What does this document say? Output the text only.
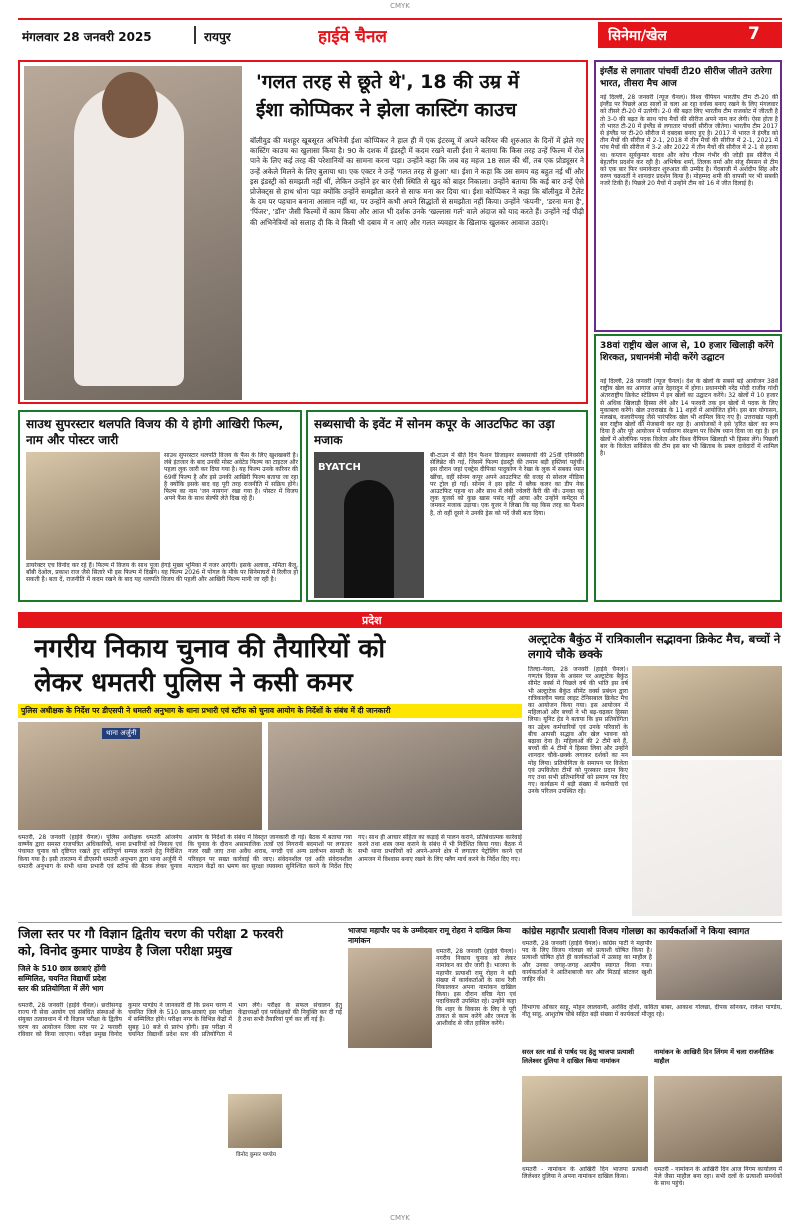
CMYK
मंगलवार 28 जनवरी 2025	रायपुर	हाईवे चैनल	सिनेमा/खेल	7
'गलत तरह से छूते थे', 18 की उम्र में
ईशा कोप्पिकर ने झेला कास्टिंग काउच
बॉलीवुड की मशहूर खूबसूरत अभिनेत्री ईशा कोप्पिकर ने हाल ही में एक इंटरव्यू में अपने करियर की शुरुआत के दिनों में झेले गए कास्टिंग काउच का खुलासा किया है। 90 के दशक में इंडस्ट्री में कदम रखने वाली ईशा ने बताया कि किस तरह उन्हें फिल्म में रोल पाने के लिए कई तरह की परेशानियों का सामना करना पड़ा। उन्होंने कहा कि जब वह महज 18 साल की थीं, तब एक प्रोड्यूसर ने उन्हें अकेले मिलने के लिए बुलाया था। एक एक्टर ने उन्हें 'गलत तरह से छुआ' था। ईशा ने कहा कि उस समय वह बहुत नई थीं और इस इंडस्ट्री को समझती नहीं थीं, लेकिन उन्होंने हर बार ऐसी स्थिति से खुद को बाहर निकाला। उन्होंने बताया कि कई बार उन्हें ऐसे प्रोजेक्ट्स से हाथ धोना पड़ा क्योंकि उन्होंने समझौता करने से साफ मना कर दिया था। ईशा कोप्पिकर ने कहा कि बॉलीवुड में टैलेंट के दम पर पहचान बनाना आसान नहीं था, पर उन्होंने कभी अपने सिद्धांतों से समझौता नहीं किया। उन्होंने 'कंपनी', 'डरना मना है', 'पिंजर', 'डॉन' जैसी फिल्मों में काम किया और आज भी दर्शक उनके 'खल्लास गर्ल' वाले अंदाज को याद करते हैं। उन्होंने नई पीढ़ी की अभिनेत्रियों को सलाह दी कि वे किसी भी दबाव में न आएं और गलत व्यवहार के खिलाफ खुलकर आवाज उठाएं।
इंग्लैंड से लगातार पांचवीं टी20 सीरीज जीतने उतरेगा भारत, तीसरा मैच आज
नई दिल्ली, 28 जनवरी (न्यूज चैनल)। विश्व चैंपियन भारतीय टीम टी-20 की इंग्लैंड पर पिछले आठ सालों से चला आ रहा वर्चस्व बनाए रखने के लिए मंगलवार को तीसरे टी-20 में उतरेगी। 2-0 की बढ़त लिए भारतीय टीम राजकोट में जीतती है तो 3-0 की बढ़त के साथ पांच मैचों की सीरीज अपने नाम कर लेगी। ऐसा होता है तो भारत टी-20 में इंग्लैंड से लगातार पांचवीं सीरीज जीतेगा। भारतीय टीम 2017 से इंग्लैंड पर टी-20 सीरीज में दबदबा बनाए हुए है। 2017 में भारत ने इंग्लैंड को तीन मैचों की सीरीज में 2-1, 2018 में तीन मैचों की सीरीज में 2-1, 2021 में पांच मैचों की सीरीज में 3-2 और 2022 में तीन मैचों की सीरीज में 2-1 से हराया था। कप्तान सूर्यकुमार यादव और कोच गौतम गंभीर की जोड़ी इस सीरीज में बेहतरीन प्रदर्शन कर रही है। अभिषेक शर्मा, तिलक वर्मा और संजू सैमसन से टीम को एक बार फिर धमाकेदार शुरुआत की उम्मीद है। गेंदबाजी में अर्शदीप सिंह और वरुण चक्रवर्ती ने शानदार प्रदर्शन किया है। मोहम्मद शमी की वापसी पर भी सबकी नजरें टिकी हैं। पिछले 20 मैचों में उन्होंने टीम को 16 में जीत दिलाई है।
38वां राष्ट्रीय खेल आज से, 10 हजार खिलाड़ी करेंगे शिरकत, प्रधानमंत्री मोदी करेंगे उद्घाटन
नई दिल्ली, 28 जनवरी (न्यूज चैनल)। देश के खेलों के सबसे बड़े आयोजन 38वें राष्ट्रीय खेल का आगाज आज देहरादून में होगा। प्रधानमंत्री नरेंद्र मोदी राजीव गांधी अंतरराष्ट्रीय क्रिकेट स्टेडियम में इन खेलों का उद्घाटन करेंगे। 32 खेलों में 10 हजार से अधिक खिलाड़ी हिस्सा लेंगे और 14 फरवरी तक इन खेलों में पदक के लिए मुकाबला करेंगे। खेल उत्तराखंड के 11 शहरों में आयोजित होंगे। इस बार योगासन, मलखंब, कलारीपयट्टू जैसे पारंपरिक खेल भी शामिल किए गए हैं। उत्तराखंड पहली बार राष्ट्रीय खेलों की मेजबानी कर रहा है। आयोजकों ने इसे 'हरित खेल' का रूप दिया है और पूरे आयोजन में पर्यावरण संरक्षण पर विशेष ध्यान दिया जा रहा है। इन खेलों में ओलंपिक पदक विजेता और विश्व चैंपियन खिलाड़ी भी हिस्सा लेंगे। पिछली बार के विजेता सर्विसेज की टीम इस बार भी खिताब के प्रबल दावेदारों में शामिल है।
साउथ सुपरस्टार थलपति विजय की ये होगी आखिरी फिल्म, नाम और पोस्टर जारी
साउथ सुपरस्टार थलपति विजय के फैंस के लिए खुशखबरी है। लंबे इंतजार के बाद उनकी मोस्ट अवेटेड फिल्म का टाइटल और पहला लुक जारी कर दिया गया है। यह फिल्म उनके करियर की 69वीं फिल्म है और इसे उनकी आखिरी फिल्म बताया जा रहा है क्योंकि इसके बाद वह पूरी तरह राजनीति में सक्रिय होंगे। फिल्म का नाम 'जन नायगन' रखा गया है। पोस्टर में विजय अपने फैंस के साथ सेल्फी लेते दिख रहे हैं।
डायरेक्टर एच विनोद कर रहे हैं। फिल्म में विजय के साथ पूजा हेगड़े मुख्य भूमिका में नजर आएंगी। इसके अलावा, ममिता बैजू, बॉबी देओल, प्रकाश राज जैसे सितारे भी इस फिल्म में दिखेंगे। यह फिल्म 2026 में पोंगल के मौके पर सिनेमाघरों में रिलीज हो सकती है। बता दें, राजनीति में कदम रखने के बाद यह थलपति विजय की पहली और आखिरी फिल्म मानी जा रही है।
सब्यसाची के इवेंट में सोनम कपूर के आउटफिट का उड़ा मजाक
BYATCH
बी-टाउन में बीते दिन फैशन डिजाइनर सब्यसाची की 25वीं एनिवर्सरी सेलिब्रेट की गई, जिसमें फिल्म इंडस्ट्री की तमाम बड़ी हस्तियां पहुंचीं। इस दौरान जहां एक्ट्रेस दीपिका पादुकोण ने रेखा के लुक में सबका ध्यान खींचा, वहीं सोनम कपूर अपने आउटफिट की वजह से सोशल मीडिया पर ट्रोल हो गईं। सोनम ने इस इवेंट में ब्लैक कलर का डीप नेक आउटफिट पहना था और साथ में लंबी ज्वेलरी कैरी की थी। उनका यह लुक यूजर्स को कुछ खास पसंद नहीं आया और उन्होंने कमेंट्स में जमकर मजाक उड़ाया। एक यूजर ने लिखा कि यह किस तरह का फैशन है, तो वहीं दूसरे ने उनकी ड्रेस को पर्दे जैसी बता दिया।
प्रदेश
नगरीय निकाय चुनाव की तैयारियों को
लेकर धमतरी पुलिस ने कसी कमर
पुलिस अधीक्षक के निर्देश पर डीएसपी ने धमतरी अनुभाग के थाना प्रभारी एवं स्टॉफ को चुनाव आयोग के निर्देशों के संबंध में दी जानकारी
थाना अर्जुनी
धमतरी, 28 जनवरी (हाईवे चैनल)। पुलिस अधीक्षक धमतरी आंजनेय वार्ष्णेय द्वारा समस्त राजपत्रित अधिकारियों, थाना प्रभारियों को निकाय एवं पंचायत चुनाव को दृष्टिगत रखते हुए शांतिपूर्ण सम्पन्न कराने हेतु निर्देशित किया गया है। इसी तारतम्य में डीएसपी धमतरी अनुभाग द्वारा थाना अर्जुनी में धमतरी अनुभाग के सभी थाना प्रभारी एवं स्टॉफ की बैठक लेकर चुनाव आयोग के निर्देशों के संबंध में विस्तृत जानकारी दी गई। बैठक में बताया गया कि चुनाव के दौरान असामाजिक तत्वों एवं निगरानी बदमाशों पर लगातार नजर रखी जाए तथा अवैध शराब, नगदी एवं अन्य प्रलोभन सामग्री के परिवहन पर सख्त कार्रवाई की जाए। संवेदनशील एवं अति संवेदनशील मतदान केंद्रों का भ्रमण कर सुरक्षा व्यवस्था सुनिश्चित करने के निर्देश दिए गए। साथ ही आचार संहिता का कड़ाई से पालन कराने, प्रतिबंधात्मक कार्रवाई करने तथा शस्त्र जमा कराने के संबंध में भी निर्देशित किया गया। बैठक में सभी थाना प्रभारियों को अपने-अपने क्षेत्र में लगातार पेट्रोलिंग करने एवं आमजन में विश्वास बनाए रखने के लिए फ्लैग मार्च करने के निर्देश दिए गए।
अल्ट्राटेक बैकुंठ में रात्रिकालीन सद्भावना क्रिकेट मैच, बच्चों ने लगाये चौके छक्के
तिल्दा-नेवरा, 28 जनवरी (हाईवे चैनल)। गणतंत्र दिवस के अवसर पर अल्ट्राटेक बैकुंठ सीमेंट वर्क्स में पिछले वर्ष की भांति इस वर्ष भी अल्ट्राटेक बैकुंठ सीमेंट वर्क्स प्रबंधन द्वारा रात्रिकालीन फ्लड लाइट टेनिसबाल क्रिकेट मैच का आयोजन किया गया। इस आयोजन में महिलाओं और बच्चों ने भी बढ़-चढ़कर हिस्सा लिया। यूनिट हेड ने बताया कि इस प्रतियोगिता का उद्देश्य कर्मचारियों एवं उनके परिवारों के बीच आपसी सद्भाव और खेल भावना को बढ़ावा देना है। महिलाओं की 2 टीमें बने हैं, बच्चों की 4 टीमों ने हिस्सा लिया और उन्होंने शानदार चौके-छक्के लगाकर दर्शकों का मन मोह लिया। प्रतियोगिता के समापन पर विजेता एवं उपविजेता टीमों को पुरस्कार प्रदान किए गए तथा सभी प्रतिभागियों को प्रमाण पत्र दिए गए। कार्यक्रम में बड़ी संख्या में कर्मचारी एवं उनके परिजन उपस्थित रहे।
जिला स्तर पर गौ विज्ञान द्वितीय चरण की परीक्षा 2 फरवरी
को, विनोद कुमार पाण्डेय है जिला परीक्षा प्रमुख
जिले के 510 छात्र छात्राएं होंगी सम्मिलित, चयनित विद्यार्थी प्रदेश स्तर की प्रतियोगिता में लेंगे भाग
धमतरी, 28 जनवरी (हाईवे चैनल)। छत्तीसगढ़ राज्य गौ सेवा आयोग एवं संबंधित संस्थाओं के संयुक्त तत्वावधान में गौ विज्ञान परीक्षा के द्वितीय चरण का आयोजन जिला स्तर पर 2 फरवरी रविवार को किया जाएगा। परीक्षा प्रमुख विनोद कुमार पाण्डेय ने जानकारी दी कि प्रथम चरण में चयनित जिले के 510 छात्र-छात्राएं इस परीक्षा में सम्मिलित होंगे। परीक्षा नगर के विभिन्न केंद्रों में सुबह 10 बजे से प्रारंभ होगी। इस परीक्षा में चयनित विद्यार्थी प्रदेश स्तर की प्रतियोगिता में भाग लेंगे। परीक्षा के सफल संचालन हेतु केंद्राध्यक्षों एवं पर्यवेक्षकों की नियुक्ति कर दी गई है तथा सभी तैयारियां पूर्ण कर ली गई हैं।
विनोद कुमार पाण्डेय
भाजपा महापौर पद के उम्मीदवार रामू रोहरा ने दाखिल किया नामांकन
धमतरी, 28 जनवरी (हाईवे चैनल)। नगरीय निकाय चुनाव को लेकर नामांकन का दौर जारी है। भाजपा के महापौर प्रत्याशी रामू रोहरा ने बड़ी संख्या में कार्यकर्ताओं के साथ रैली निकालकर अपना नामांकन दाखिल किया। इस दौरान वरिष्ठ नेता एवं पदाधिकारी उपस्थित रहे। उन्होंने कहा कि शहर के विकास के लिए वे पूरी ताकत से काम करेंगे और जनता के आशीर्वाद से जीत हासिल करेंगे।
कांग्रेस महापौर प्रत्याशी विजय गोलछा का कार्यकर्ताओं ने किया स्वागत
धमतरी, 28 जनवरी (हाईवे चैनल)। कांग्रेस पार्टी ने महापौर पद के लिए विजय गोलछा को प्रत्याशी घोषित किया है। प्रत्याशी घोषित होते ही कार्यकर्ताओं में उत्साह का माहौल है और उनका जगह-जगह आत्मीय स्वागत किया गया। कार्यकर्ताओं ने आतिशबाजी कर और मिठाई बांटकर खुशी जाहिर की।
विभागच ओंकार साहू, मोहन लालवानी, अरविंद दोशी, कविता बाबर, आकाश गोलछा, दीपक सोनकर, राकेश पाण्डेय, नीतू साहू, आशुतोष चौबे सहित बड़ी संख्या में कार्यकर्ता मौजूद रहे।
सरल स्तर वार्ड से पार्षद पद हेतु भाजपा प्रत्याशी लिलेश्वर दुलिया ने दाखिल किया नामांकन
धमतरी - नामांकन के आखिरी दिन भाजपा प्रत्याशी लिलेश्वर दुलिया ने अपना नामांकन दाखिल किया।
नामांकन के आखिरी दिन लिंगम में चला राजनीतिक माहौल
धमतरी - नामांकन के आखिरी दिन आज निगम कार्यालय में मेले जैसा माहौल बना रहा। सभी दलों के प्रत्याशी समर्थकों के साथ पहुंचे।
CMYK
